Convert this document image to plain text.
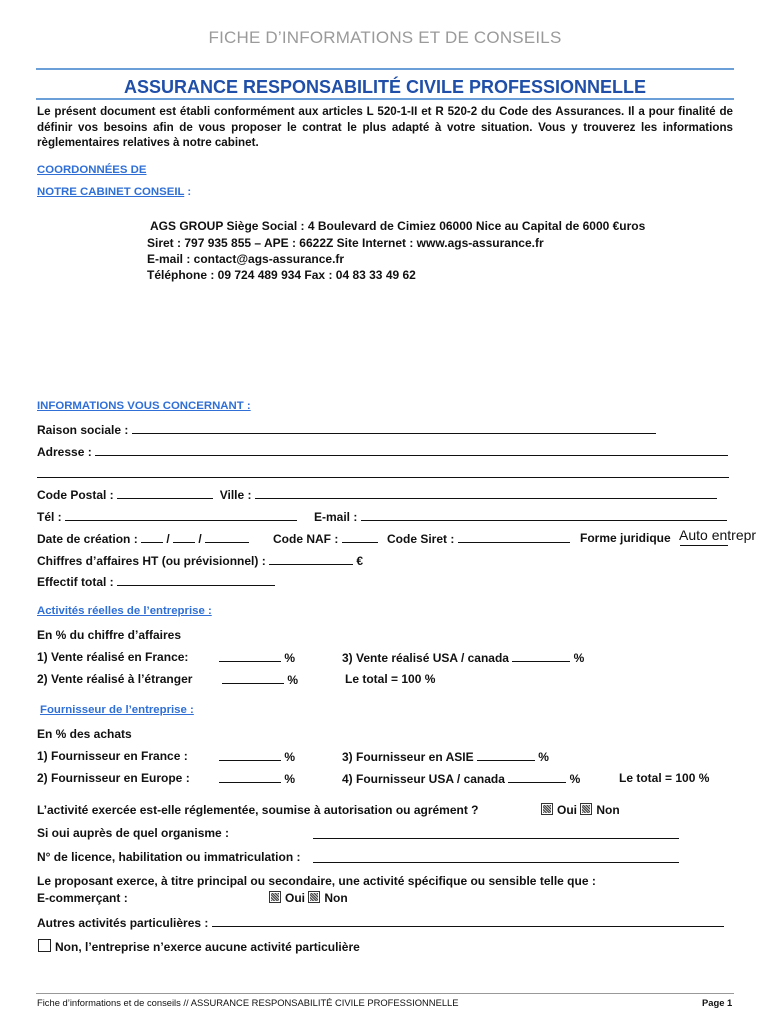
FICHE D’INFORMATIONS ET DE CONSEILS
ASSURANCE RESPONSABILITÉ CIVILE PROFESSIONNELLE
Le présent document est établi conformément aux articles L 520-1-II et R 520-2 du Code des Assurances. Il a pour finalité de définir vos besoins afin de vous proposer le contrat le plus adapté à votre situation. Vous y trouverez les informations règlementaires relatives à notre cabinet.
COORDONNÉES DE
NOTRE CABINET CONSEIL :
AGS GROUP Siège Social : 4 Boulevard de Cimiez 06000 Nice au Capital de 6000 €uros
Siret : 797 935 855 – APE : 6622Z Site Internet : www.ags-assurance.fr
E-mail : contact@ags-assurance.fr
Téléphone : 09 724 489 934 Fax : 04 83 33 49 62
INFORMATIONS VOUS CONCERNANT :
Raison sociale :
Adresse :
Code Postal :	Ville :
Tél :	E-mail :
Date de création : / /	Code NAF :	Code Siret :	Forme juridique
Auto entrepr
Chiffres d’affaires HT (ou prévisionnel) :	€
Effectif total :
Activités réelles de l’entreprise :
En % du chiffre d’affaires
1) Vente réalisé en France:	%	3) Vente réalisé USA / canada	%
2) Vente réalisé à l’étranger	%	Le total = 100 %
Fournisseur de l’entreprise :
En % des achats
1) Fournisseur en France :	%	3) Fournisseur en ASIE	%
2) Fournisseur en Europe :	%	4) Fournisseur USA / canada	%	Le total = 100 %
L’activité exercée est-elle réglementée, soumise à autorisation ou agrément ?	Oui Non
Si oui auprès de quel organisme :
N° de licence, habilitation ou immatriculation :
Le proposant exerce, à titre principal ou secondaire, une activité spécifique ou sensible telle que :
E-commerçant :	Oui Non
Autres activités particulières :
Non, l’entreprise n’exerce aucune activité particulière
Fiche d’informations et de conseils // ASSURANCE RESPONSABILITÉ CIVILE PROFESSIONNELLE	Page 1
